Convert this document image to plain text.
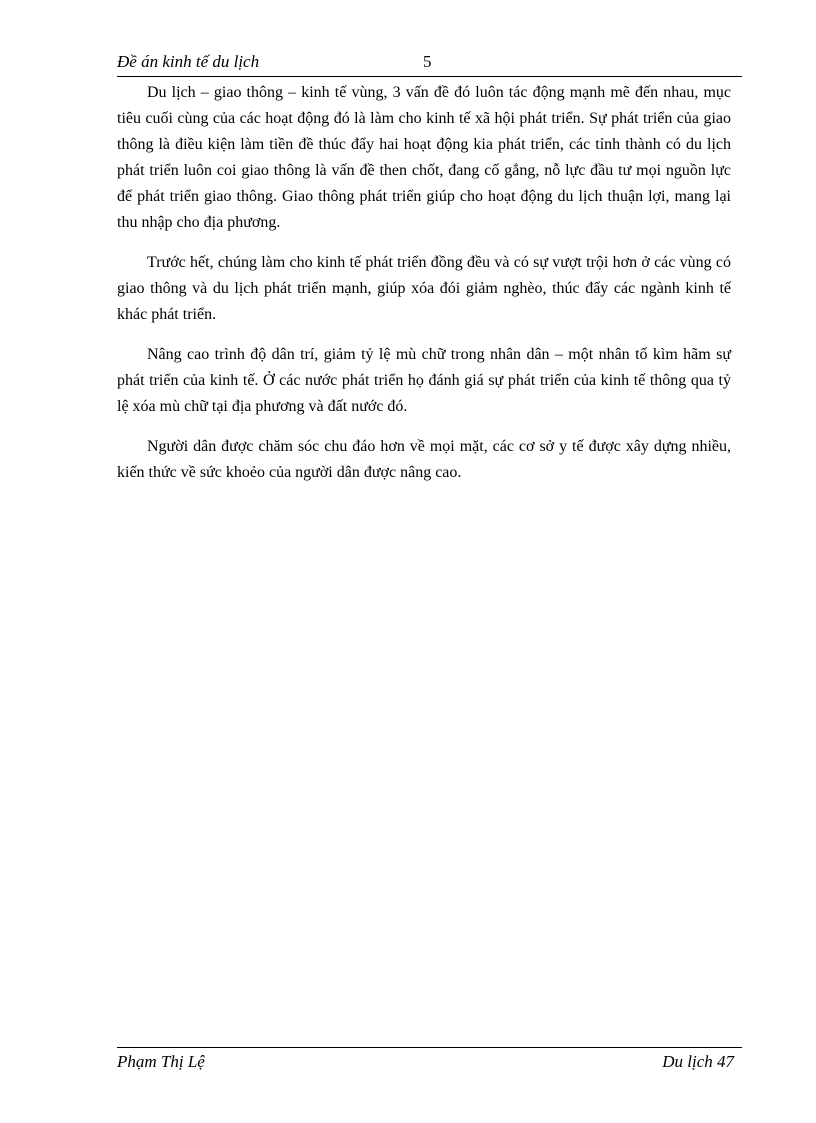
Đề án kinh tế du lịch	5

Du lịch – giao thông – kinh tế vùng, 3 vấn đề đó luôn tác động mạnh mẽ đến nhau, mục tiêu cuối cùng của các hoạt động đó là làm cho kinh tế xã hội phát triển. Sự phát triển của giao thông là điều kiện làm tiền đề thúc đẩy hai hoạt động kia phát triển, các tỉnh thành có du lịch phát triển luôn coi giao thông là vấn đề then chốt, đang cố gắng, nỗ lực đầu tư mọi nguồn lực để phát triển giao thông. Giao thông phát triển giúp cho hoạt động du lịch thuận lợi, mang lại thu nhập cho địa phương.

Trước hết, chúng làm cho kinh tế phát triển đồng đều và có sự vượt trội hơn ở các vùng có giao thông và du lịch phát triển mạnh, giúp xóa đói giảm nghèo, thúc đẩy các ngành kinh tế khác phát triển.

Nâng cao trình độ dân trí, giảm tỷ lệ mù chữ trong nhân dân – một nhân tố kìm hãm sự phát triển của kinh tế. Ở các nước phát triển họ đánh giá sự phát triển của kinh tế thông qua tỷ lệ xóa mù chữ tại địa phương và đất nước đó.

Người dân được chăm sóc chu đáo hơn về mọi mặt, các cơ sở y tế được xây dựng nhiều, kiến thức về sức khoẻo của người dân được nâng cao.

Phạm Thị Lệ	Du lịch 47
